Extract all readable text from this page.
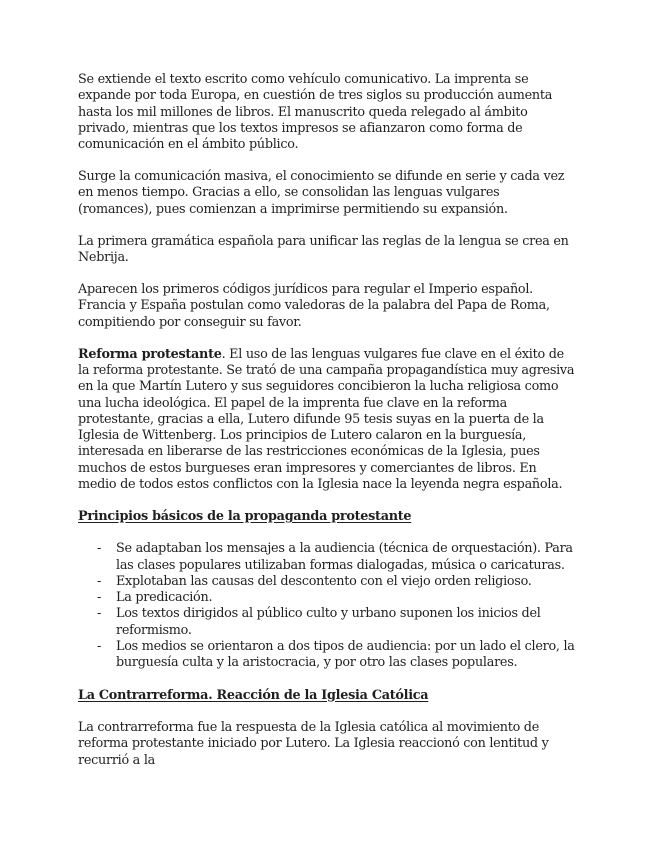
Se extiende el texto escrito como vehículo comunicativo. La imprenta se expande por toda Europa, en cuestión de tres siglos su producción aumenta hasta los mil millones de libros. El manuscrito queda relegado al ámbito privado, mientras que los textos impresos se afianzaron como forma de comunicación en el ámbito público.

Surge la comunicación masiva, el conocimiento se difunde en serie y cada vez en menos tiempo. Gracias a ello, se consolidan las lenguas vulgares (romances), pues comienzan a imprimirse permitiendo su expansión.

La primera gramática española para unificar las reglas de la lengua se crea en Nebrija.

Aparecen los primeros códigos jurídicos para regular el Imperio español. Francia y España postulan como valedoras de la palabra del Papa de Roma, compitiendo por conseguir su favor.

Reforma protestante. El uso de las lenguas vulgares fue clave en el éxito de la reforma protestante. Se trató de una campaña propagandística muy agresiva en la que Martín Lutero y sus seguidores concibieron la lucha religiosa como una lucha ideológica. El papel de la imprenta fue clave en la reforma protestante, gracias a ella, Lutero difunde 95 tesis suyas en la puerta de la Iglesia de Wittenberg. Los principios de Lutero calaron en la burguesía, interesada en liberarse de las restricciones económicas de la Iglesia, pues muchos de estos burgueses eran impresores y comerciantes de libros. En medio de todos estos conflictos con la Iglesia nace la leyenda negra española.

Principios básicos de la propaganda protestante

- Se adaptaban los mensajes a la audiencia (técnica de orquestación). Para las clases populares utilizaban formas dialogadas, música o caricaturas.
- Explotaban las causas del descontento con el viejo orden religioso.
- La predicación.
- Los textos dirigidos al público culto y urbano suponen los inicios del reformismo.
- Los medios se orientaron a dos tipos de audiencia: por un lado el clero, la burguesía culta y la aristocracia, y por otro las clases populares.

La Contrarreforma. Reacción de la Iglesia Católica

La contrarreforma fue la respuesta de la Iglesia católica al movimiento de reforma protestante iniciado por Lutero. La Iglesia reaccionó con lentitud y recurrió a la
